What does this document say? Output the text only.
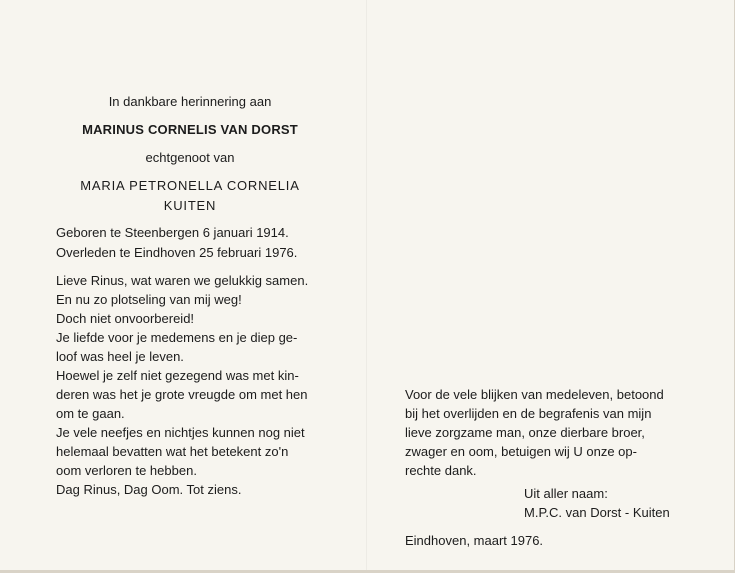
In dankbare herinnering aan
MARINUS CORNELIS VAN DORST
echtgenoot van
MARIA PETRONELLA CORNELIA
KUITEN
Geboren te Steenbergen 6 januari 1914.
Overleden te Eindhoven 25 februari 1976.
Lieve Rinus, wat waren we gelukkig samen.
En nu zo plotseling van mij weg!
Doch niet onvoorbereid!
Je liefde voor je medemens en je diep ge-
loof was heel je leven.
Hoewel je zelf niet gezegend was met kin-
deren was het je grote vreugde om met hen
om te gaan.
Je vele neefjes en nichtjes kunnen nog niet
helemaal bevatten wat het betekent zo'n
oom verloren te hebben.
Dag Rinus, Dag Oom. Tot ziens.
Voor de vele blijken van medeleven, betoond
bij het overlijden en de begrafenis van mijn
lieve zorgzame man, onze dierbare broer,
zwager en oom, betuigen wij U onze op-
rechte dank.
Uit aller naam:
M.P.C. van Dorst - Kuiten
Eindhoven, maart 1976.
